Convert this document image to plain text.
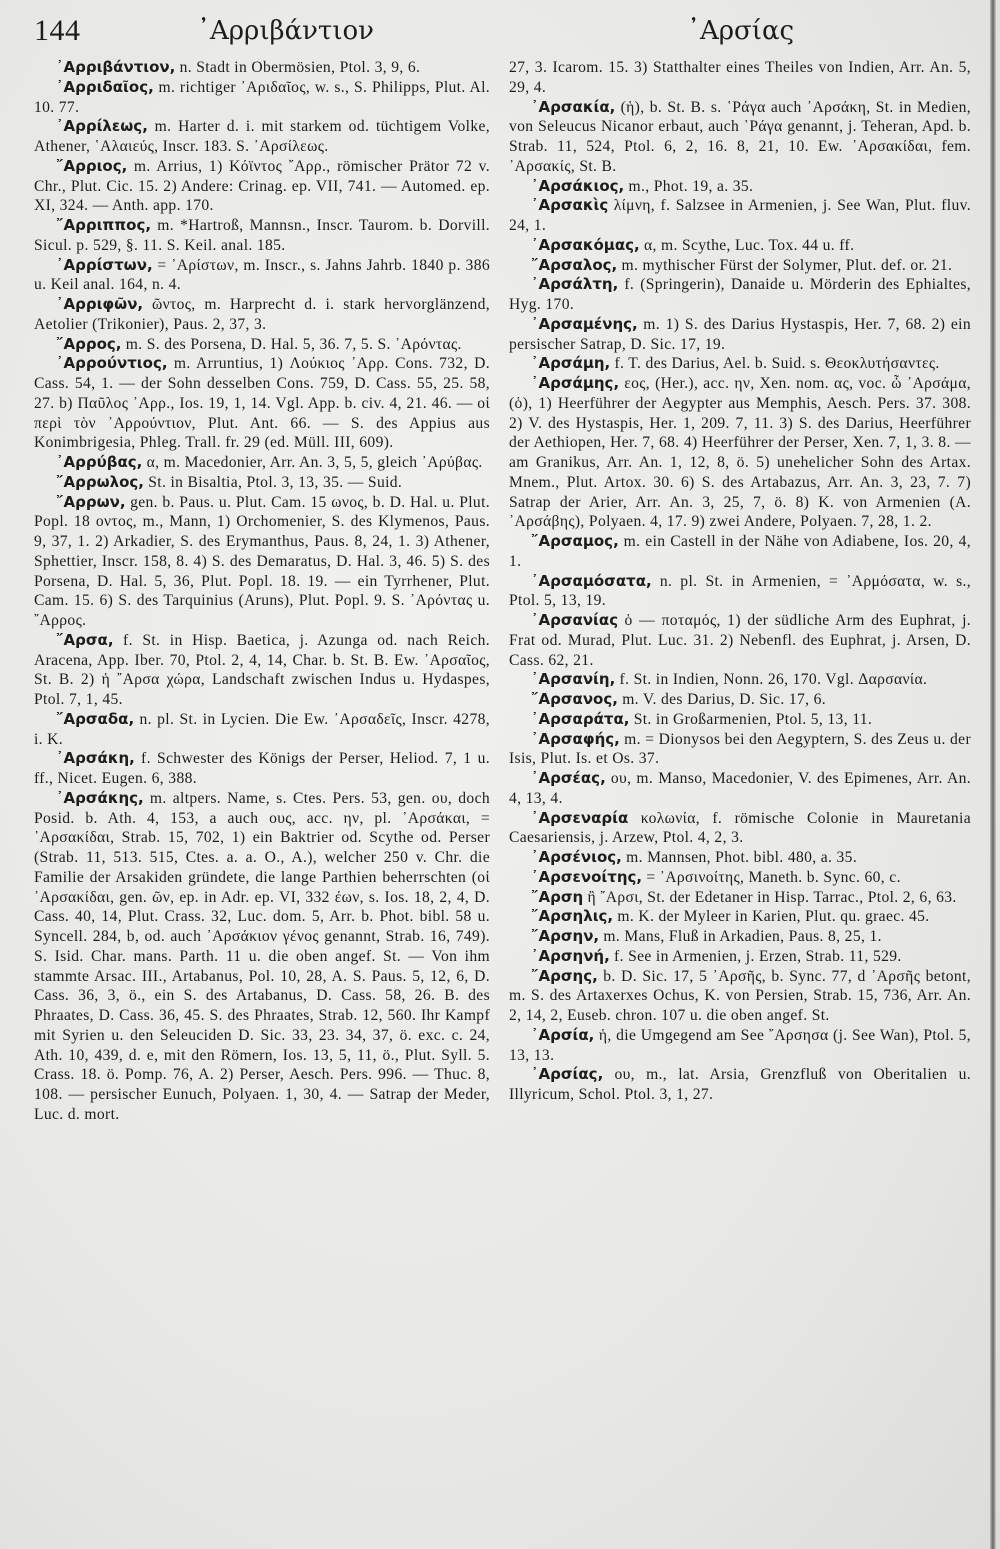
144	᾿Αρριβάντιον	᾿Αρσίας

᾿Αρριβάντιον, n. Stadt in Obermösien, Ptol. 3, 9, 6.

᾿Αρριδαῖος, m. richtiger ᾿Αριδαῖος, w. s., S. Philipps, Plut. Al. 10. 77.

᾿Αρρίλεως, m. Harter d. i. mit starkem od. tüchtigem Volke, Athener, ῾Αλαιεύς, Inscr. 183. S. ᾿Αρσίλεως.

῎Αρριος, m. Arrius, 1) Κόϊντος ῎Αρρ., römischer Prätor 72 v. Chr., Plut. Cic. 15. 2) Andere: Crinag. ep. VII, 741. — Automed. ep. XI, 324. — Anth. app. 170.

῎Αρριππος, m. *Hartroß, Mannsn., Inscr. Taurom. b. Dorvill. Sicul. p. 529, §. 11. S. Keil. anal. 185.

᾿Αρρίστων, = ᾿Αρίστων, m. Inscr., s. Jahns Jahrb. 1840 p. 386 u. Keil anal. 164, n. 4.

᾿Αρριφῶν, ῶντος, m. Harprecht d. i. stark hervorglänzend, Aetolier (Trikonier), Paus. 2, 37, 3.

῎Αρρος, m. S. des Porsena, D. Hal. 5, 36. 7, 5. S. ᾿Αρόντας.

᾿Αρρούντιος, m. Arruntius, 1) Λούκιος ᾿Αρρ. Cons. 732, D. Cass. 54, 1. — der Sohn desselben Cons. 759, D. Cass. 55, 25. 58, 27. b) Παῦλος ᾿Αρρ., Ios. 19, 1, 14. Vgl. App. b. civ. 4, 21. 46. — οἱ περὶ τὸν ᾿Αρρούντιον, Plut. Ant. 66. — S. des Appius aus Konimbrigesia, Phleg. Trall. fr. 29 (ed. Müll. III, 609).

᾿Αρρύβας, α, m. Macedonier, Arr. An. 3, 5, 5, gleich ᾿Αρύβας.

῎Αρρωλος, St. in Bisaltia, Ptol. 3, 13, 35. — Suid.

῎Αρρων, gen. b. Paus. u. Plut. Cam. 15 ωνος, b. D. Hal. u. Plut. Popl. 18 οντος, m., Mann, 1) Orchomenier, S. des Klymenos, Paus. 9, 37, 1. 2) Arkadier, S. des Erymanthus, Paus. 8, 24, 1. 3) Athener, Sphettier, Inscr. 158, 8. 4) S. des Demaratus, D. Hal. 3, 46. 5) S. des Porsena, D. Hal. 5, 36, Plut. Popl. 18. 19. — ein Tyrrhener, Plut. Cam. 15. 6) S. des Tarquinius (Aruns), Plut. Popl. 9. S. ᾿Αρόντας u. ῎Αρρος.

῎Αρσα, f. St. in Hisp. Baetica, j. Azunga od. nach Reich. Aracena, App. Iber. 70, Ptol. 2, 4, 14, Char. b. St. B. Ew. ᾿Αρσαῖος, St. B. 2) ἡ ῎Αρσα χώρα, Landschaft zwischen Indus u. Hydaspes, Ptol. 7, 1, 45.

῎Αρσαδα, n. pl. St. in Lycien. Die Ew. ᾿Αρσαδεῖς, Inscr. 4278, i. K.

᾿Αρσάκη, f. Schwester des Königs der Perser, Heliod. 7, 1 u. ff., Nicet. Eugen. 6, 388.

᾿Αρσάκης, m. altpers. Name, s. Ctes. Pers. 53, gen. ου, doch Posid. b. Ath. 4, 153, a auch ους, acc. ην, pl. ᾿Αρσάκαι, = ᾿Αρσακίδαι, Strab. 15, 702, 1) ein Baktrier od. Scythe od. Perser (Strab. 11, 513. 515, Ctes. a. a. O., A.), welcher 250 v. Chr. die Familie der Arsakiden gründete, die lange Parthien beherrschten (οἱ ᾿Αρσακίδαι, gen. ῶν, ep. in Adr. ep. VI, 332 έων, s. Ios. 18, 2, 4, D. Cass. 40, 14, Plut. Crass. 32, Luc. dom. 5, Arr. b. Phot. bibl. 58 u. Syncell. 284, b, od. auch ᾿Αρσάκιον γένος genannt, Strab. 16, 749). S. Isid. Char. mans. Parth. 11 u. die oben angef. St. — Von ihm stammte Arsac. III., Artabanus, Pol. 10, 28, A. S. Paus. 5, 12, 6, D. Cass. 36, 3, ö., ein S. des Artabanus, D. Cass. 58, 26. B. des Phraates, D. Cass. 36, 45. S. des Phraates, Strab. 12, 560. Ihr Kampf mit Syrien u. den Seleuciden D. Sic. 33, 23. 34, 37, ö. exc. c. 24, Ath. 10, 439, d. e, mit den Römern, Ios. 13, 5, 11, ö., Plut. Syll. 5. Crass. 18. ö. Pomp. 76, A. 2) Perser, Aesch. Pers. 996. — Thuc. 8, 108. — persischer Eunuch, Polyaen. 1, 30, 4. — Satrap der Meder, Luc. d. mort.

27, 3. Icarom. 15. 3) Statthalter eines Theiles von Indien, Arr. An. 5, 29, 4.

᾿Αρσακία, (ἡ), b. St. B. s. ῾Ράγα auch ᾿Αρσάκη, St. in Medien, von Seleucus Nicanor erbaut, auch ῾Ράγα genannt, j. Teheran, Apd. b. Strab. 11, 524, Ptol. 6, 2, 16. 8, 21, 10. Ew. ᾿Αρσακίδαι, fem. ᾿Αρσακίς, St. B.

᾿Αρσάκιος, m., Phot. 19, a. 35.

᾿Αρσακὶς λίμνη, f. Salzsee in Armenien, j. See Wan, Plut. fluv. 24, 1.

᾿Αρσακόμας, α, m. Scythe, Luc. Tox. 44 u. ff.

῎Αρσαλος, m. mythischer Fürst der Solymer, Plut. def. or. 21.

᾿Αρσάλτη, f. (Springerin), Danaide u. Mörderin des Ephialtes, Hyg. 170.

᾿Αρσαμένης, m. 1) S. des Darius Hystaspis, Her. 7, 68. 2) ein persischer Satrap, D. Sic. 17, 19.

᾿Αρσάμη, f. T. des Darius, Ael. b. Suid. s. Θεοκλυτήσαντες.

᾿Αρσάμης, εος, (Her.), acc. ην, Xen. nom. ας, voc. ὦ ᾿Αρσάμα, (ὁ), 1) Heerführer der Aegypter aus Memphis, Aesch. Pers. 37. 308. 2) V. des Hystaspis, Her. 1, 209. 7, 11. 3) S. des Darius, Heerführer der Aethiopen, Her. 7, 68. 4) Heerführer der Perser, Xen. 7, 1, 3. 8. — am Granikus, Arr. An. 1, 12, 8, ö. 5) unehelicher Sohn des Artax. Mnem., Plut. Artox. 30. 6) S. des Artabazus, Arr. An. 3, 23, 7. 7) Satrap der Arier, Arr. An. 3, 25, 7, ö. 8) K. von Armenien (A. ᾿Αρσάβης), Polyaen. 4, 17. 9) zwei Andere, Polyaen. 7, 28, 1. 2.

῎Αρσαμος, m. ein Castell in der Nähe von Adiabene, Ios. 20, 4, 1.

᾿Αρσαμόσατα, n. pl. St. in Armenien, = ᾿Αρμόσατα, w. s., Ptol. 5, 13, 19.

᾿Αρσανίας ὁ — ποταμός, 1) der südliche Arm des Euphrat, j. Frat od. Murad, Plut. Luc. 31. 2) Nebenfl. des Euphrat, j. Arsen, D. Cass. 62, 21.

᾿Αρσανίη, f. St. in Indien, Nonn. 26, 170. Vgl. Δαρσανία.

῎Αρσανος, m. V. des Darius, D. Sic. 17, 6.

᾿Αρσαράτα, St. in Großarmenien, Ptol. 5, 13, 11.

᾿Αρσαφής, m. = Dionysos bei den Aegyptern, S. des Zeus u. der Isis, Plut. Is. et Os. 37.

᾿Αρσέας, ου, m. Manso, Macedonier, V. des Epimenes, Arr. An. 4, 13, 4.

᾿Αρσεναρία κολωνία, f. römische Colonie in Mauretania Caesariensis, j. Arzew, Ptol. 4, 2, 3.

᾿Αρσένιος, m. Mannsen, Phot. bibl. 480, a. 35.

᾿Αρσενοίτης, = ᾿Αρσινοίτης, Maneth. b. Sync. 60, c.

῎Αρση ἢ ῎Αρσι, St. der Edetaner in Hisp. Tarrac., Ptol. 2, 6, 63.

῎Αρσηλις, m. K. der Myleer in Karien, Plut. qu. graec. 45.

῎Αρσην, m. Mans, Fluß in Arkadien, Paus. 8, 25, 1.

᾿Αρσηνή, f. See in Armenien, j. Erzen, Strab. 11, 529.

῎Αρσης, b. D. Sic. 17, 5 ᾿Αρσῆς, b. Sync. 77, d ᾿Αρσῆς betont, m. S. des Artaxerxes Ochus, K. von Persien, Strab. 15, 736, Arr. An. 2, 14, 2, Euseb. chron. 107 u. die oben angef. St.

᾿Αρσία, ἡ, die Umgegend am See ῎Αρσησα (j. See Wan), Ptol. 5, 13, 13.

᾿Αρσίας, ου, m., lat. Arsia, Grenzfluß von Oberitalien u. Illyricum, Schol. Ptol. 3, 1, 27.
